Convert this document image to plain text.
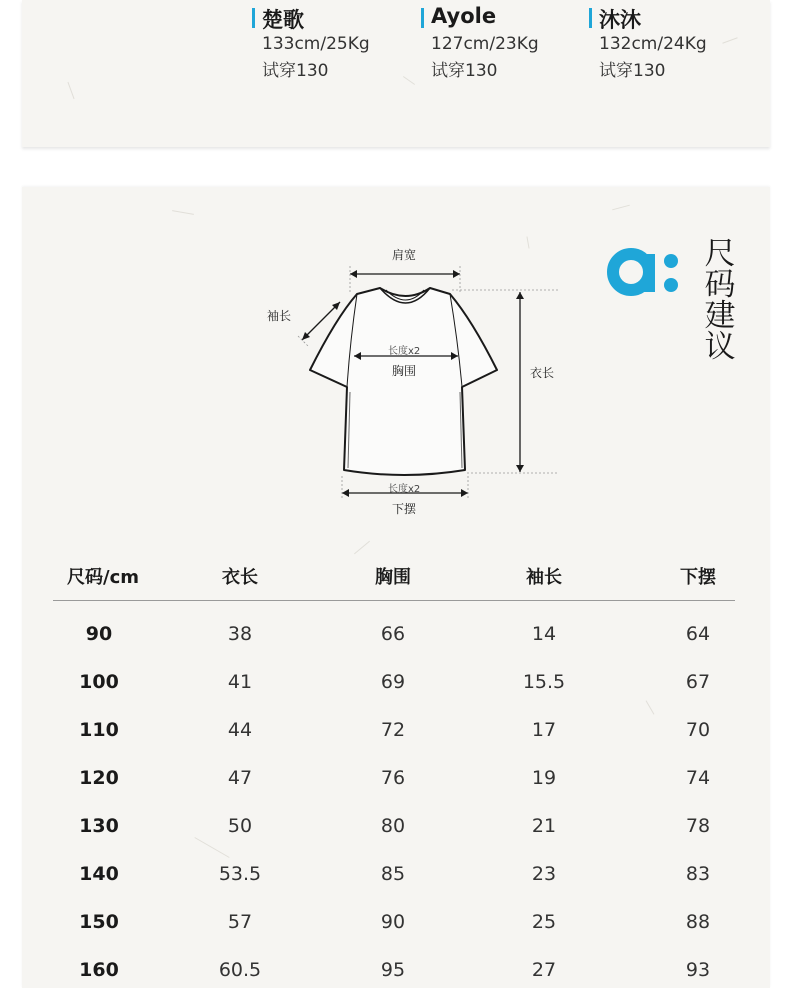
楚歌
133cm/25Kg
试穿130
Ayole
127cm/23Kg
试穿130
沐沐
132cm/24Kg
试穿130
尺码建议
肩宽
袖长
长度x2
胸围	衣长
长度x2
下摆
尺码/cm	衣长	胸围	袖长	下摆
90	38	66	14	64
100	41	69	15.5	67
110	44	72	17	70
120	47	76	19	74
130	50	80	21	78
140	53.5	85	23	83
150	57	90	25	88
160	60.5	95	27	93
